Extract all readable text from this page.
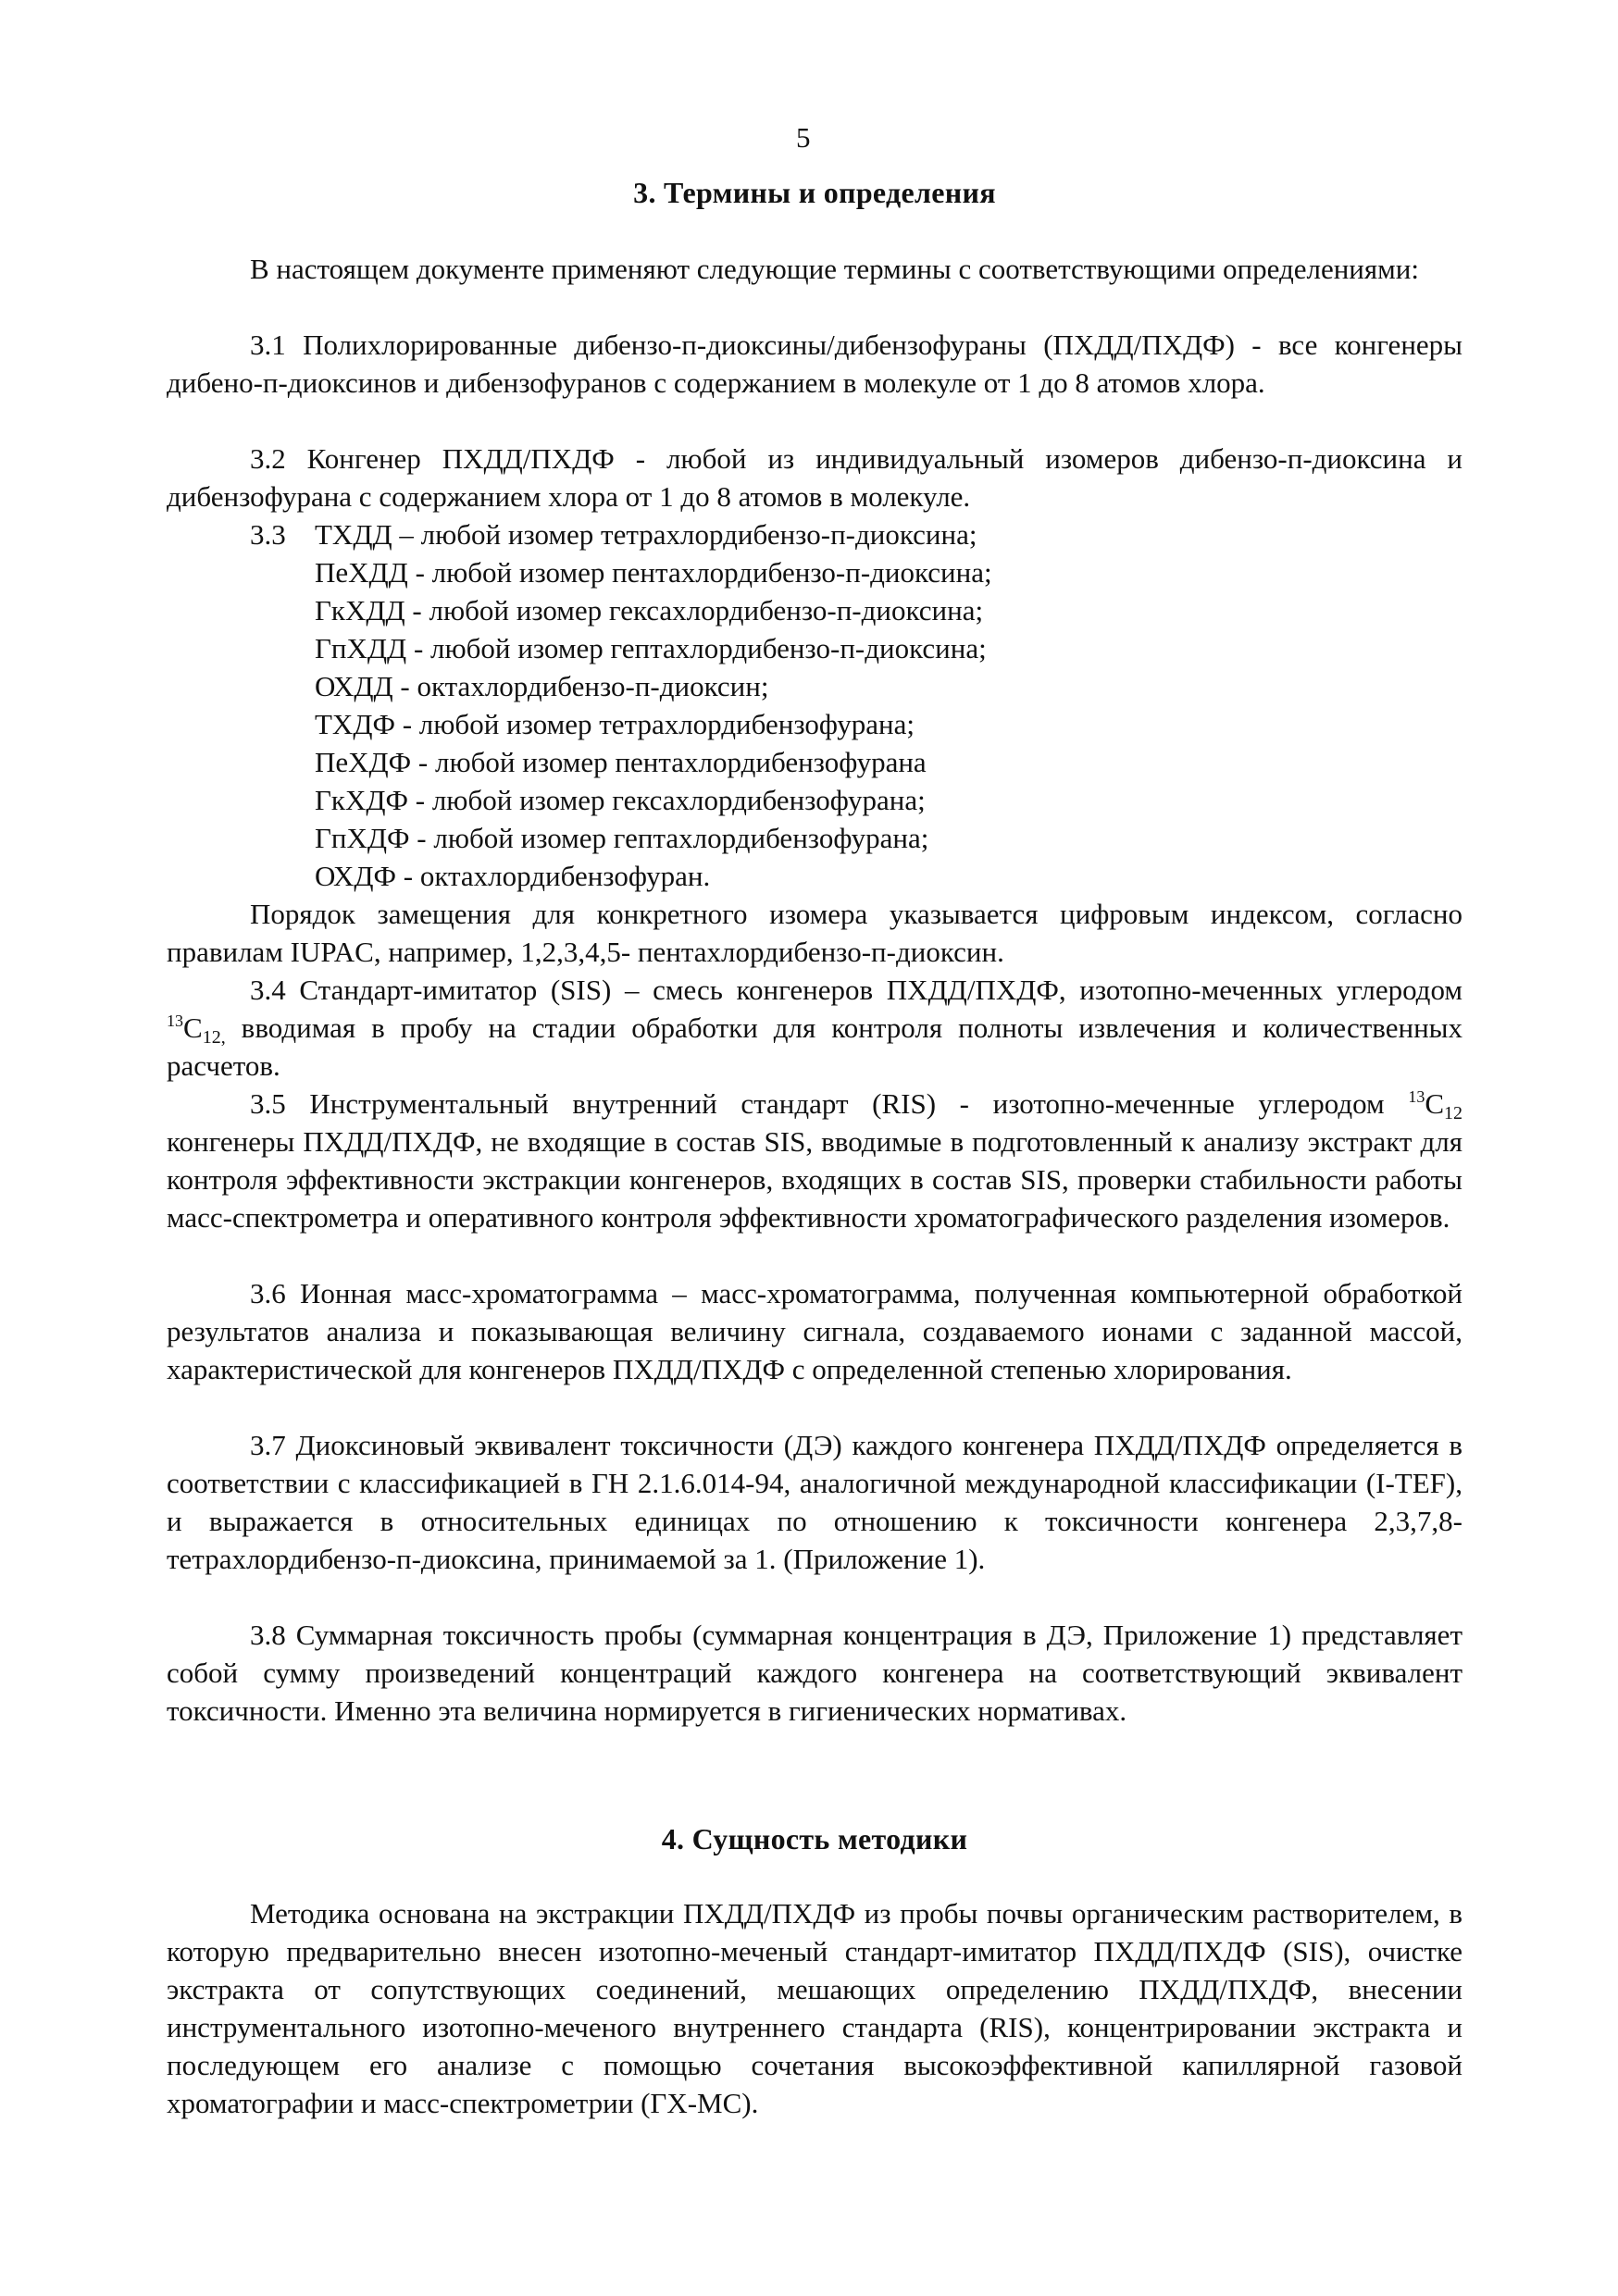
5
3. Термины и определения

В настоящем документе применяют следующие термины с соответствующими определениями:

3.1 Полихлорированные дибензо-п-диоксины/дибензофураны (ПХДД/ПХДФ) - все конгенеры дибено-п-диоксинов и дибензофуранов с содержанием в молекуле от 1 до 8 атомов хлора.

3.2 Конгенер ПХДД/ПХДФ - любой из индивидуальный изомеров дибензо-п-диоксина и дибензофурана с содержанием хлора от 1 до 8 атомов в молекуле.

3.3 ТХДД – любой изомер тетрахлордибензо-п-диоксина;
ПеХДД - любой изомер пентахлордибензо-п-диоксина;
ГкХДД - любой изомер гексахлордибензо-п-диоксина;
ГпХДД - любой изомер гептахлордибензо-п-диоксина;
ОХДД - октахлордибензо-п-диоксин;
ТХДФ - любой изомер тетрахлордибензофурана;
ПеХДФ - любой изомер пентахлордибензофурана
ГкХДФ - любой изомер гексахлордибензофурана;
ГпХДФ - любой изомер гептахлордибензофурана;
ОХДФ - октахлордибензофуран.

Порядок замещения для конкретного изомера указывается цифровым индексом, согласно правилам IUPAC, например, 1,2,3,4,5- пентахлордибензо-п-диоксин.

3.4 Стандарт-имитатор (SIS) – смесь конгенеров ПХДД/ПХДФ, изотопно-меченных углеродом $^{13}C_{12,}$ вводимая в пробу на стадии обработки для контроля полноты извлечения и количественных расчетов.

3.5 Инструментальный внутренний стандарт (RIS) - изотопно-меченные углеродом $^{13}C_{12}$ конгенеры ПХДД/ПХДФ, не входящие в состав SIS, вводимые в подготовленный к анализу экстракт для контроля эффективности экстракции конгенеров, входящих в состав SIS, проверки стабильности работы масс-спектрометра и оперативного контроля эффективности хроматографического разделения изомеров.

3.6 Ионная масс-хроматограмма – масс-хроматограмма, полученная компьютерной обработкой результатов анализа и показывающая величину сигнала, создаваемого ионами с заданной массой, характеристической для конгенеров ПХДД/ПХДФ с определенной степенью хлорирования.

3.7 Диоксиновый эквивалент токсичности (ДЭ) каждого конгенера ПХДД/ПХДФ определяется в соответствии с классификацией в ГН 2.1.6.014-94, аналогичной международной классификации (I-TEF), и выражается в относительных единицах по отношению к токсичности конгенера 2,3,7,8- тетрахлордибензо-п-диоксина, принимаемой за 1. (Приложение 1).

3.8 Суммарная токсичность пробы (суммарная концентрация в ДЭ, Приложение 1) представляет собой сумму произведений концентраций каждого конгенера на соответствующий эквивалент токсичности. Именно эта величина нормируется в гигиенических нормативах.

4. Сущность методики

Методика основана на экстракции ПХДД/ПХДФ из пробы почвы органическим растворителем, в которую предварительно внесен изотопно-меченый стандарт-имитатор ПХДД/ПХДФ (SIS), очистке экстракта от сопутствующих соединений, мешающих определению ПХДД/ПХДФ, внесении инструментального изотопно-меченого внутреннего стандарта (RIS), концентрировании экстракта и последующем его анализе с помощью сочетания высокоэффективной капиллярной газовой хроматографии и масс-спектрометрии (ГХ-МС).
